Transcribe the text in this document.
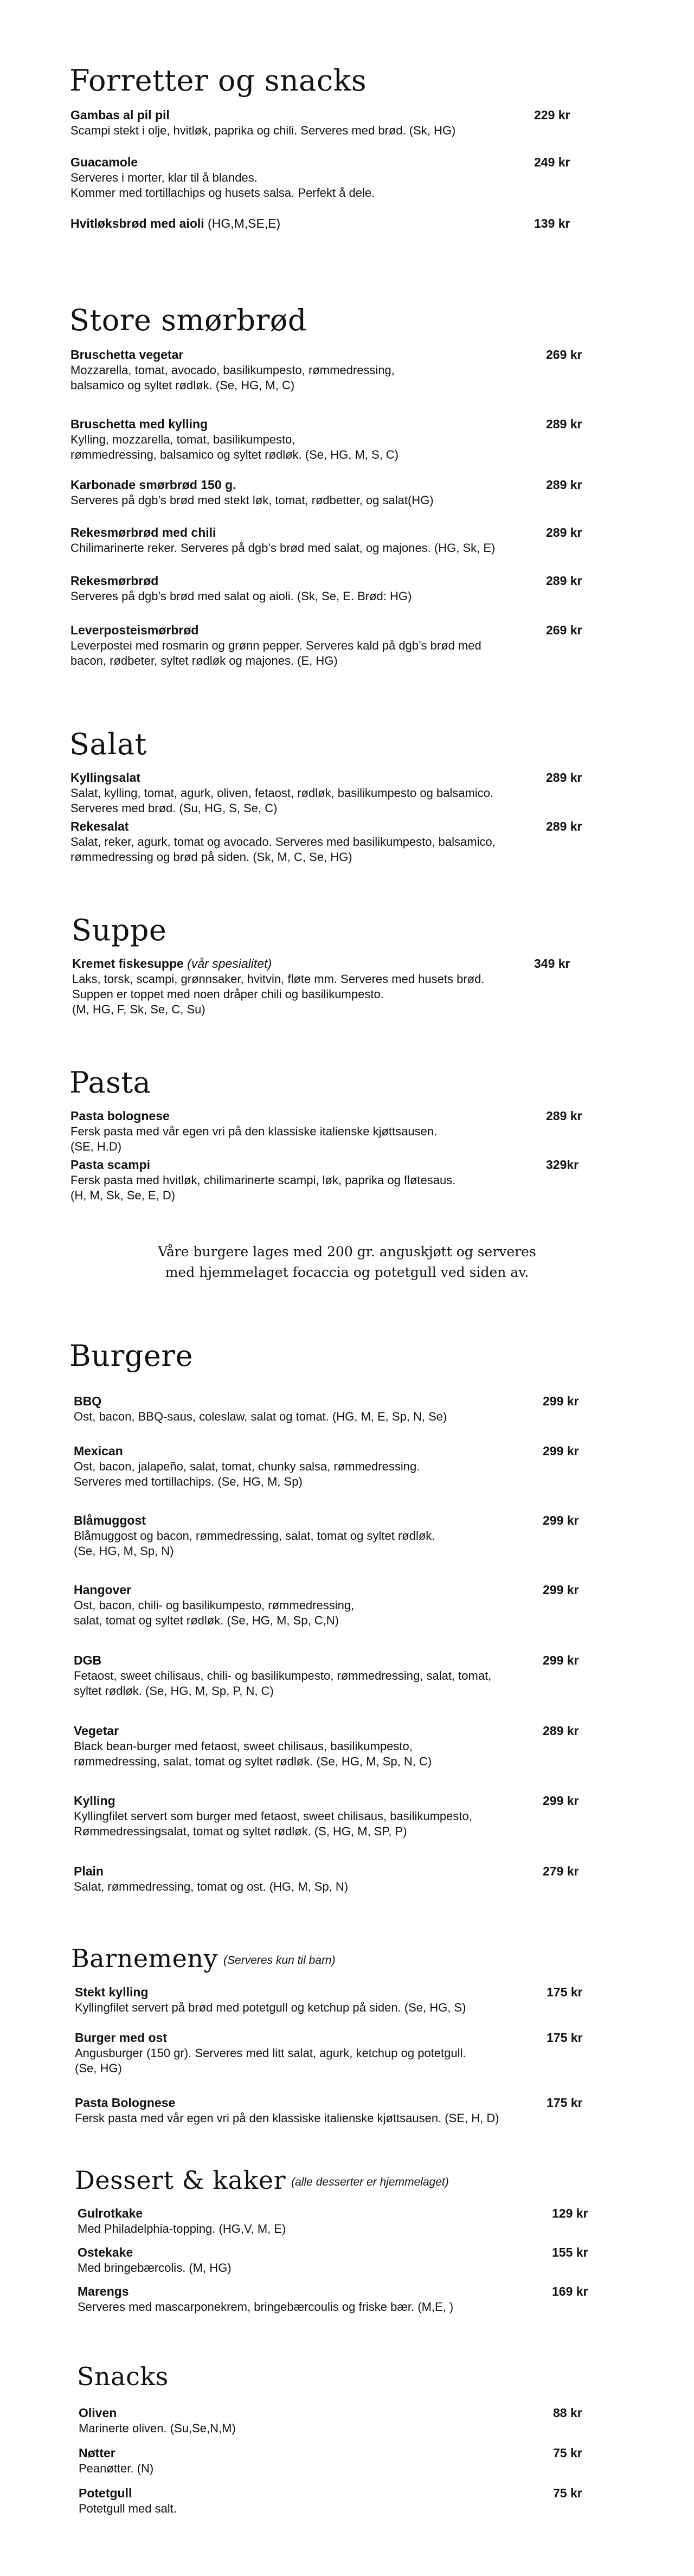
Forretter og snacks
Gambas al pil pil
Scampi stekt i olje, hvitløk, paprika og chili. Serveres med brød. (Sk, HG)
229 kr
Guacamole
Serveres i morter, klar til å blandes.
Kommer med tortillachips og husets salsa. Perfekt å dele.
249 kr
Hvitløksbrød med aioli (HG,M,SE,E)	139 kr
Store smørbrød
Bruschetta vegetar
Mozzarella, tomat, avocado, basilikumpesto, rømmedressing,
balsamico og syltet rødløk. (Se, HG, M, C)
269 kr
Bruschetta med kylling
Kylling, mozzarella, tomat, basilikumpesto,
rømmedressing, balsamico og syltet rødløk. (Se, HG, M, S, C)
289 kr
Karbonade smørbrød 150 g.
Serveres på dgb’s brød med stekt løk, tomat, rødbetter, og salat(HG)
289 kr
Rekesmørbrød med chili
Chilimarinerte reker. Serveres på dgb’s brød med salat, og majones. (HG, Sk, E)
289 kr
Rekesmørbrød
Serveres på dgb’s brød med salat og aioli. (Sk, Se, E. Brød: HG)
289 kr
Leverposteismørbrød
Leverpostei med rosmarin og grønn pepper. Serveres kald på dgb’s brød med
bacon, rødbeter, syltet rødløk og majones. (E, HG)
269 kr
Salat
Kyllingsalat
Salat, kylling, tomat, agurk, oliven, fetaost, rødløk, basilikumpesto og balsamico.
Serveres med brød. (Su, HG, S, Se, C)
289 kr
Rekesalat
Salat, reker, agurk, tomat og avocado. Serveres med basilikumpesto, balsamico,
rømmedressing og brød på siden. (Sk, M, C, Se, HG)
289 kr
Suppe
Kremet fiskesuppe (vår spesialitet)
Laks, torsk, scampi, grønnsaker, hvitvin, fløte mm. Serveres med husets brød.
Suppen er toppet med noen dråper chili og basilikumpesto.
(M, HG, F, Sk, Se, C, Su)
349 kr
Pasta
Pasta bolognese
Fersk pasta med vår egen vri på den klassiske italienske kjøttsausen.
(SE, H.D)
289 kr
Pasta scampi
Fersk pasta med hvitløk, chilimarinerte scampi, løk, paprika og fløtesaus.
(H, M, Sk, Se, E, D)
329kr

Våre burgere lages med 200 gr. anguskjøtt og serveres
med hjemmelaget focaccia og potetgull ved siden av.

Burgere
BBQ
Ost, bacon, BBQ-saus, coleslaw, salat og tomat. (HG, M, E, Sp, N, Se)
299 kr
Mexican
Ost, bacon, jalapeño, salat, tomat, chunky salsa, rømmedressing.
Serveres med tortillachips. (Se, HG, M, Sp)
299 kr
Blåmuggost
Blåmuggost og bacon, rømmedressing, salat, tomat og syltet rødløk.
(Se, HG, M, Sp, N)
299 kr
Hangover
Ost, bacon, chili- og basilikumpesto, rømmedressing,
salat, tomat og syltet rødløk. (Se, HG, M, Sp, C,N)
299 kr
DGB
Fetaost, sweet chilisaus, chili- og basilikumpesto, rømmedressing, salat, tomat,
syltet rødløk. (Se, HG, M, Sp, P, N, C)
299 kr
Vegetar
Black bean-burger med fetaost, sweet chilisaus, basilikumpesto,
rømmedressing, salat, tomat og syltet rødløk. (Se, HG, M, Sp, N, C)
289 kr
Kylling
Kyllingfilet servert som burger med fetaost, sweet chilisaus, basilikumpesto,
Rømmedressingsalat, tomat og syltet rødløk. (S, HG, M, SP, P)
299 kr
Plain
Salat, rømmedressing, tomat og ost. (HG, M, Sp, N)
279 kr
Barnemeny (Serveres kun til barn)
Stekt kylling
Kyllingfilet servert på brød med potetgull og ketchup på siden. (Se, HG, S)
175 kr
Burger med ost
Angusburger (150 gr). Serveres med litt salat, agurk, ketchup og potetgull.
(Se, HG)
175 kr
Pasta Bolognese
Fersk pasta med vår egen vri på den klassiske italienske kjøttsausen. (SE, H, D)
175 kr
Dessert & kaker (alle desserter er hjemmelaget)
Gulrotkake
Med Philadelphia-topping. (HG,V, M, E)
129 kr
Ostekake
Med bringebærcolis. (M, HG)
155 kr
Marengs
Serveres med mascarponekrem, bringebærcoulis og friske bær. (M,E, )
169 kr
Snacks
Oliven
Marinerte oliven. (Su,Se,N,M)
88 kr
Nøtter
Peanøtter. (N)
75 kr
Potetgull
Potetgull med salt.
75 kr
